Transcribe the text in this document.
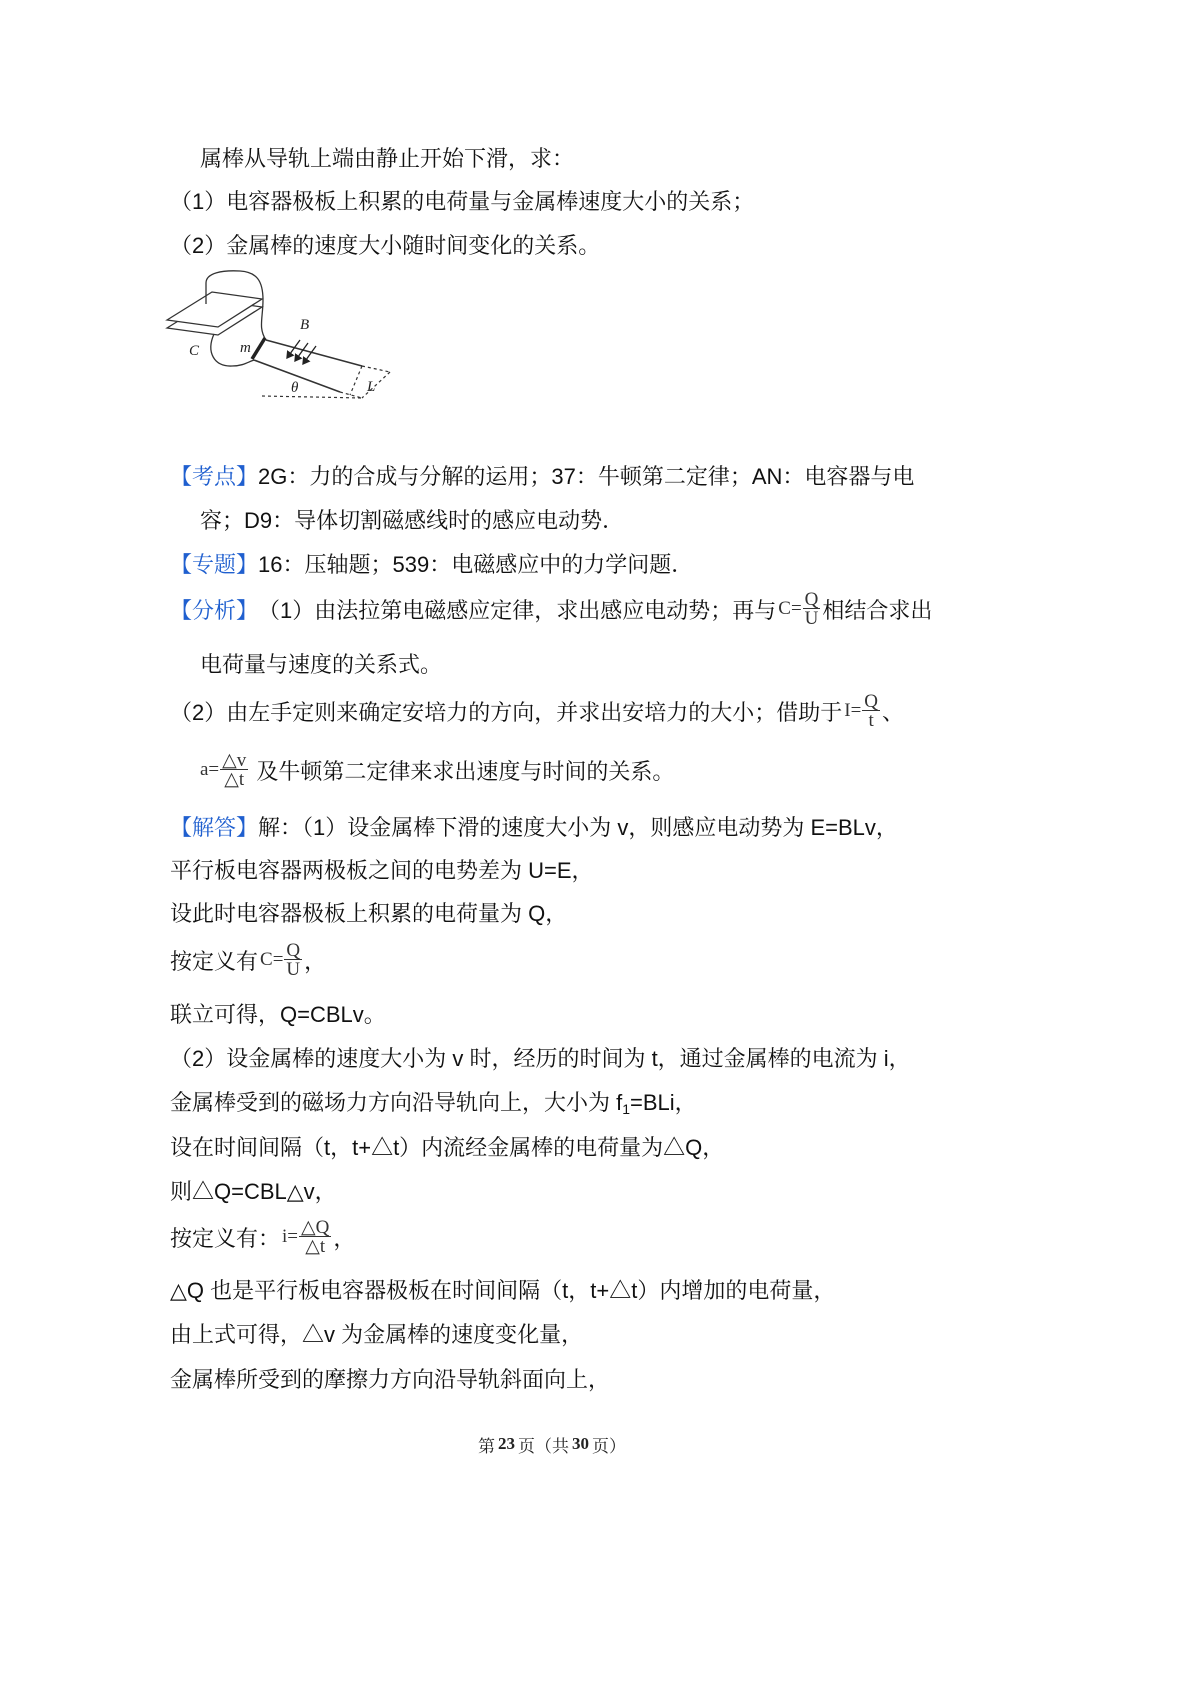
属棒从导轨上端由静止开始下滑，求：
（1）电容器极板上积累的电荷量与金属棒速度大小的关系；
（2）金属棒的速度大小随时间变化的关系。
C	m
B
θ	L
【考点】 2G：力的合成与分解的运用；37：牛顿第二定律；AN：电容器与电
容；D9：导体切割磁感线时的感应电动势．
【专题】 16：压轴题；539：电磁感应中的力学问题．
【分析】 （1）由法拉第电磁感应定律，求出感应电动势；再与 $C= \frac{Q}{U}$ 相结合求出
电荷量与速度的关系式。
（2）由左手定则来确定安培力的方向，并求出安培力的大小；借助于 $I= \frac{Q}{t}$ 、
$a= \frac{\triangle v}{\triangle t}$ 及牛顿第二定律来求出速度与时间的关系。
【解答】 解：（1）设金属棒下滑的速度大小为 v，则感应电动势为 E=BLv，
平行板电容器两极板之间的电势差为 U=E，
设此时电容器极板上积累的电荷量为 Q，
按定义有 $C= \frac{Q}{U}$ ，
联立可得，Q=CBLv。
（2）设金属棒的速度大小为 v 时，经历的时间为 t，通过金属棒的电流为 i，
金属棒受到的磁场力方向沿导轨向上，大小为 $f_1=BLi$，
设在时间间隔（t，t+△t）内流经金属棒的电荷量为△Q，
则△Q=CBL△v，
按定义有： $i= \frac{\triangle Q}{\triangle t}$ ，
△Q 也是平行板电容器极板在时间间隔（t，t+△t）内增加的电荷量，
由上式可得，△v 为金属棒的速度变化量，
金属棒所受到的摩擦力方向沿导轨斜面向上，
第 23 页（共 30 页）
